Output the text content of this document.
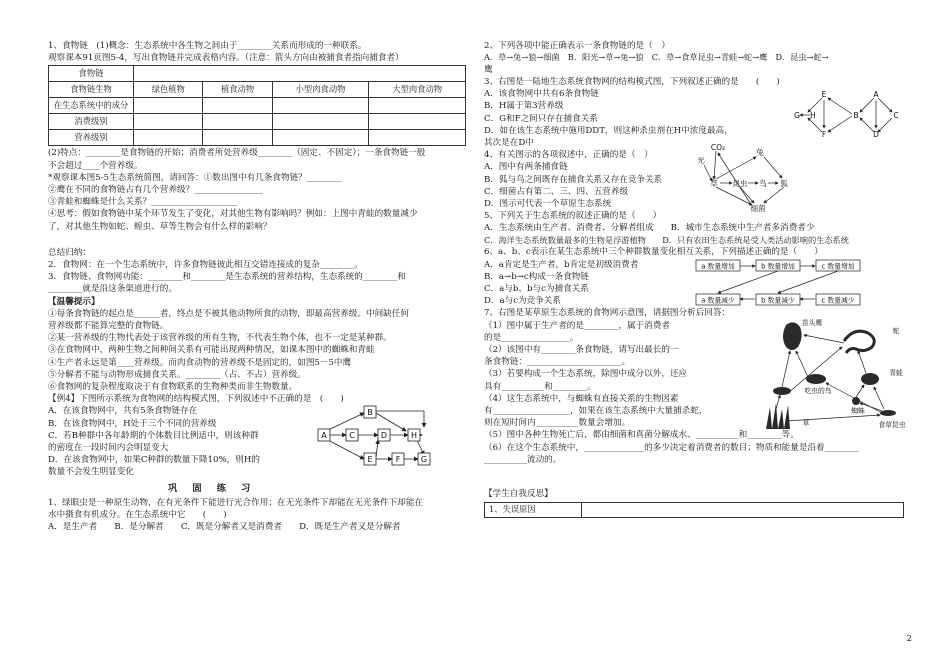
1、食物链　(1)概念：生态系统中各生物之间由于________关系而形成的一种联系。

观察课本91页图5-4，写出食物链并完成表格内容。（注意：箭头方向由被捕食者指向捕食者）

食物链				
食物链生物	绿色植物	植食动物	小型肉食动物	大型肉食动物
在生态系统中的成分				
消费级别				
营养级别				

(2)特点：________是食物链的开始；消费者所处营养级________（固定、不固定）；一条食物链一般

不会超过____个营养级。

*观察课本图5-5生态系统简图，请回答：①数出图中有几条食物链？________

②鹰在不同的食物链占有几个营养级？________________

③青蛙和蜘蛛是什么关系？____________________

④思考：假如食物链中某个环节发生了变化，对其他生物有影响吗？例如：上图中青蛙的数量减少

了，对其他生物如蛇、蝗虫、草等生物会有什么样的影响？

总结归纳：

2．食物网：在一个生态系统中，许多食物链彼此相互交错连接成的复杂________。

3．食物链、食物网功能：________和________是生态系统的营养结构，生态系统的________和

________就是沿这条渠道进行的。

【温馨提示】

①每条食物链的起点是______者，终点是不被其他动物所食的动物，即最高营养级。中间缺任何

营养级都不能算完整的食物链。

②某一营养级的生物代表处于该营养级的所有生物，不代表生物个体，也不一定是某种群。

③在食物网中，两种生物之间种间关系有可能出现两种情况，如课本图中的蜘蛛和青蛙

④生产者永远是第____营养级。而肉食动物的营养级不是固定的，如图5－5中鹰

⑤分解者不能与动物形成捕食关系。________（占、不占）营养级。

⑥食物网的复杂程度取决于有食物联系的生物种类而非生物数量。

【例4】下图所示系统为食物网的结构模式图，下列叙述中不正确的是　(　　)

A．在该食物网中，共有5条食物链存在

B．在该食物网中，H处于三个不同的营养级

C．若B种群中各年龄期的个体数目比例适中，则该种群

的密度在一段时间内会明显变大

D．在该食物网中，如果C种群的数量下降10%，则H的

数量不会发生明显变化

A
B
C	D
E	F	G
H

巩　固　练　习

1、绿眼虫是一种原生动物，在有光条件下能进行光合作用；在无光条件下却能在无光条件下却能在

水中摄食有机成分。在生态系统中它　　(　　)

A．是生产者　　B．是分解者　　C．既是分解者又是消费者　　D．既是生产者又是分解者

2、下列各项中能正确表示一条食物链的是（　）

A．草→兔→狼→细菌　B．阳光→草→兔→狼　C．草→食草昆虫→青蛙→蛇→鹰　D．昆虫→蛇→

鹰

3、右图是一陆地生态系统食物网的结构模式图，下列叙述正确的是　　(　　)

A．该食物网中共有6条食物链

B．H属于第3营养级

C．G和F之间只存在捕食关系

D．如在该生态系统中施用DDT，则这种杀虫剂在H中浓度最高，

其次是在D中

E
F
G H	B
A
C
D

4、有关图示的各项叙述中，正确的是（　）

A．图中有两条捕食链

B．狐与鸟之间既存在捕食关系又存在竞争关系

C．细菌占有第二、三、四、五营养级

D．图示可代表一个草原生态系统

CO₂
光
兔
草 昆虫 鸟 狐
细菌

5、下列关于生态系统的叙述正确的是（　　）

A．生态系统由生产者、消费者、分解者组成　　B．城市生态系统中生产者多消费者少

C．海洋生态系统数量最多的生物是浮游植物　　D．只有农田生态系统是受人类活动影响的生态系统

6、a、b、c表示在某生态系统中三个种群数量变化相互关系，下列描述正确的是（　　）

A．a肯定是生产者，b肯定是初级消费者

B．a→b→c构成一条食物链

C．a与b、b与c为捕食关系

D．a与c为竞争关系

a 数量增加	b 数量增加	c 数量增加
a 数量减少	b 数量减少	c 数量减少

7、右图是某草原生态系统的食物网示意图，请据图分析后回答：

（1）图中属于生产者的是________，属于消费者

的是________________。

（2）该图中有________条食物链，请写出最长的一

条食物链：______________________。

（3）若要构成一个生态系统，除图中成分以外，还应

具有__________和________。

（4）这生态系统中，与蜘蛛有直接关系的生物因素

有__________________，如果在该生态系统中大量捕杀蛇，

则在短时间内__________数量会增加。

（5）图中各种生物死亡后，都由细菌和真菌分解成水、__________和________等。

（6）在这个生态系统中，______________的多少决定着消费者的数目；物质和能量是沿着________

__________流动的。

苗头鹰
蛇
吃虫的鸟
青蛙
蜘蛛
草	食草昆虫

【学生自我反思】

1、失误原因	
2
